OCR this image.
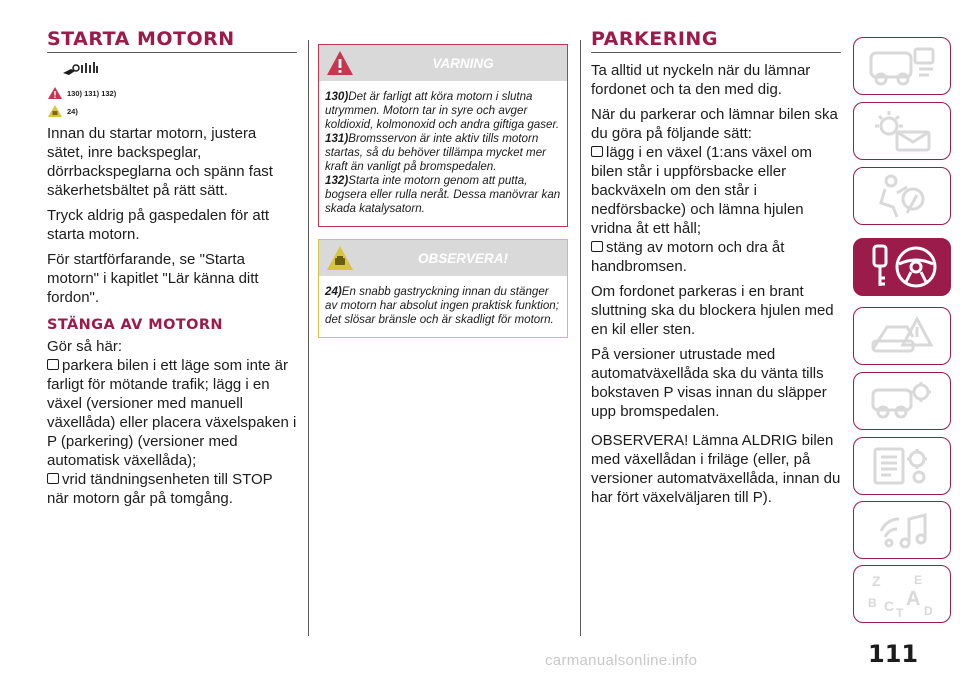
STARTA MOTORN
130) 131) 132)
24)

Innan du startar motorn, justera sätet, inre backspeglar, dörrbackspeglarna och spänn fast säkerhetsbältet på rätt sätt.

Tryck aldrig på gaspedalen för att starta motorn.

För startförfarande, se "Starta motorn" i kapitlet "Lär känna ditt fordon".

STÄNGA AV MOTORN

Gör så här:

parkera bilen i ett läge som inte är farligt för mötande trafik; lägg i en växel (versioner med manuell växellåda) eller placera växelspaken i P (parkering) (versioner med automatisk växellåda);

vrid tändningsenheten till STOP när motorn går på tomgång.

VARNING
130)Det är farligt att köra motorn i slutna utrymmen. Motorn tar in syre och avger koldioxid, kolmonoxid och andra giftiga gaser.
131)Bromsservon är inte aktiv tills motorn startas, så du behöver tillämpa mycket mer kraft än vanligt på bromspedalen.
132)Starta inte motorn genom att putta, bogsera eller rulla neråt. Dessa manövrar kan skada katalysatorn.
OBSERVERA!
24)En snabb gastryckning innan du stänger av motorn har absolut ingen praktisk funktion; det slösar bränsle och är skadligt för motorn.
PARKERING

Ta alltid ut nyckeln när du lämnar fordonet och ta den med dig.

När du parkerar och lämnar bilen ska du göra på följande sätt:

lägg i en växel (1:ans växel om bilen står i uppförsbacke eller backväxeln om den står i nedförsbacke) och lämna hjulen vridna åt ett håll;

stäng av motorn och dra åt handbromsen.

Om fordonet parkeras i en brant sluttning ska du blockera hjulen med en kil eller sten.

På versioner utrustade med automatväxellåda ska du vänta tills bokstaven P visas innan du släpper upp bromspedalen.

OBSERVERA! Lämna ALDRIG bilen med växellådan i friläge (eller, på versioner automatväxellåda, innan du har fört växelväljaren till P).

Z	E
B A
C T D
111
carmanualsonline.info
